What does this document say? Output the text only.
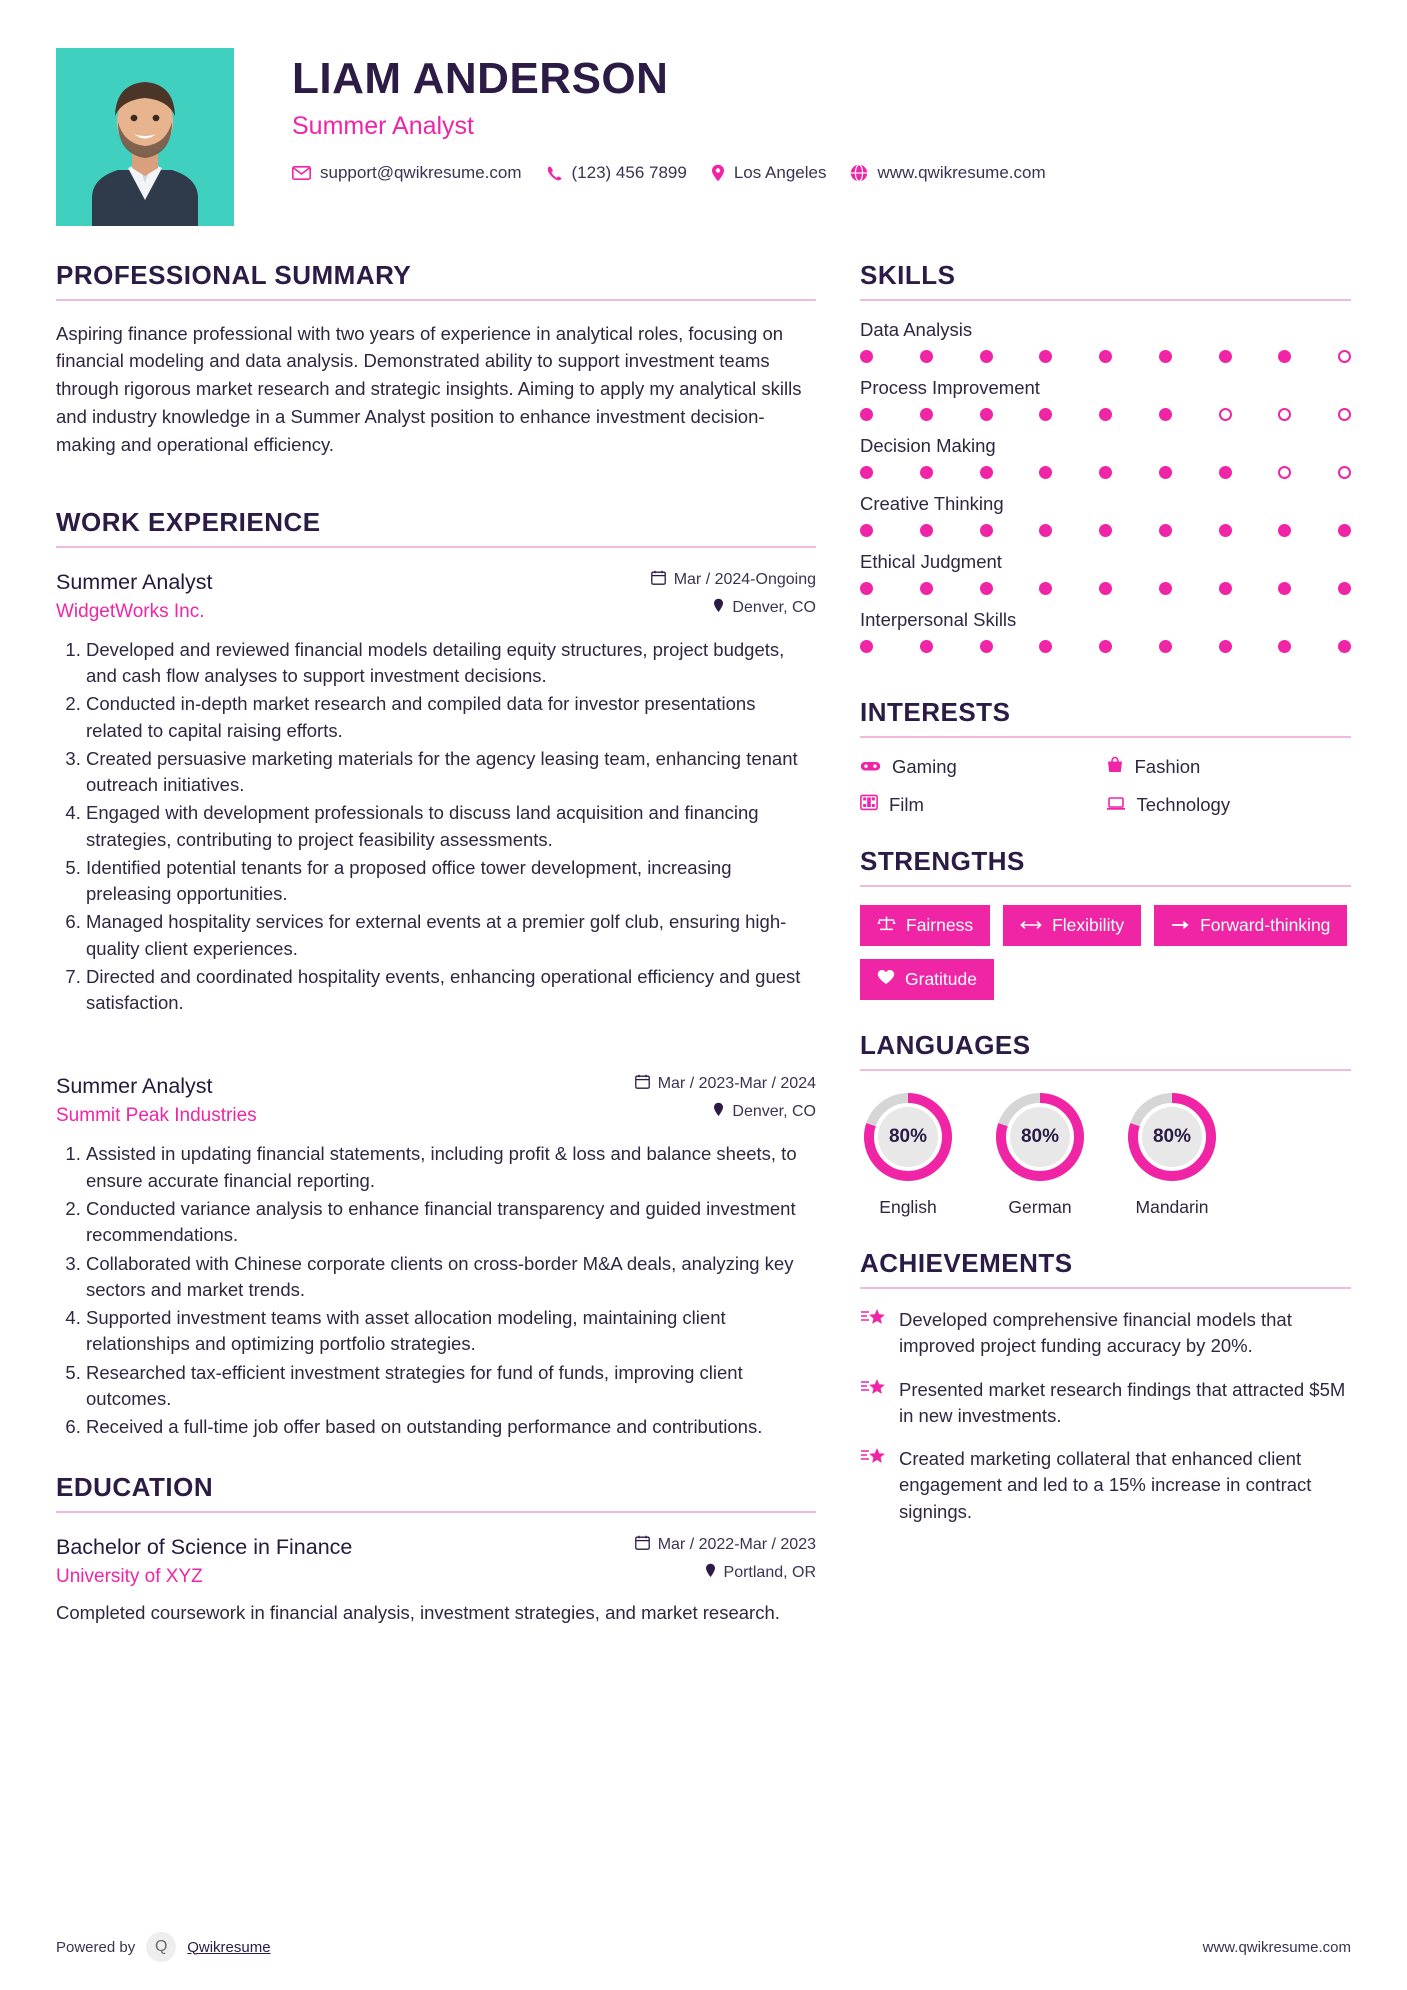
LIAM ANDERSON
Summer Analyst
support@qwikresume.com	(123) 456 7899	Los Angeles	www.qwikresume.com
PROFESSIONAL SUMMARY

Aspiring finance professional with two years of experience in analytical roles, focusing on financial modeling and data analysis. Demonstrated ability to support investment teams through rigorous market research and strategic insights. Aiming to apply my analytical skills and industry knowledge in a Summer Analyst position to enhance investment decision-making and operational efficiency.

WORK EXPERIENCE
Summer Analyst
WidgetWorks Inc.
Mar / 2024-Ongoing
Denver, CO
1. Developed and reviewed financial models detailing equity structures, project budgets, and cash flow analyses to support investment decisions.
2. Conducted in-depth market research and compiled data for investor presentations related to capital raising efforts.
3. Created persuasive marketing materials for the agency leasing team, enhancing tenant outreach initiatives.
4. Engaged with development professionals to discuss land acquisition and financing strategies, contributing to project feasibility assessments.
5. Identified potential tenants for a proposed office tower development, increasing preleasing opportunities.
6. Managed hospitality services for external events at a premier golf club, ensuring high-quality client experiences.
7. Directed and coordinated hospitality events, enhancing operational efficiency and guest satisfaction.
Summer Analyst
Summit Peak Industries
Mar / 2023-Mar / 2024
Denver, CO
1. Assisted in updating financial statements, including profit & loss and balance sheets, to ensure accurate financial reporting.
2. Conducted variance analysis to enhance financial transparency and guided investment recommendations.
3. Collaborated with Chinese corporate clients on cross-border M&A deals, analyzing key sectors and market trends.
4. Supported investment teams with asset allocation modeling, maintaining client relationships and optimizing portfolio strategies.
5. Researched tax-efficient investment strategies for fund of funds, improving client outcomes.
6. Received a full-time job offer based on outstanding performance and contributions.
EDUCATION
Bachelor of Science in Finance
University of XYZ
Mar / 2022-Mar / 2023
Portland, OR

Completed coursework in financial analysis, investment strategies, and market research.

SKILLS
Data Analysis
Process Improvement
Decision Making
Creative Thinking
Ethical Judgment
Interpersonal Skills
INTERESTS
Gaming	Fashion
Film	Technology
STRENGTHS
Fairness	Flexibility	Forward-thinking
Gratitude
LANGUAGES
80%
English
80%
German
80%
Mandarin
ACHIEVEMENTS
Developed comprehensive financial models that improved project funding accuracy by 20%.
Presented market research findings that attracted $5M in new investments.
Created marketing collateral that enhanced client engagement and led to a 15% increase in contract signings.
Powered by	Q	Qwikresume	www.qwikresume.com
